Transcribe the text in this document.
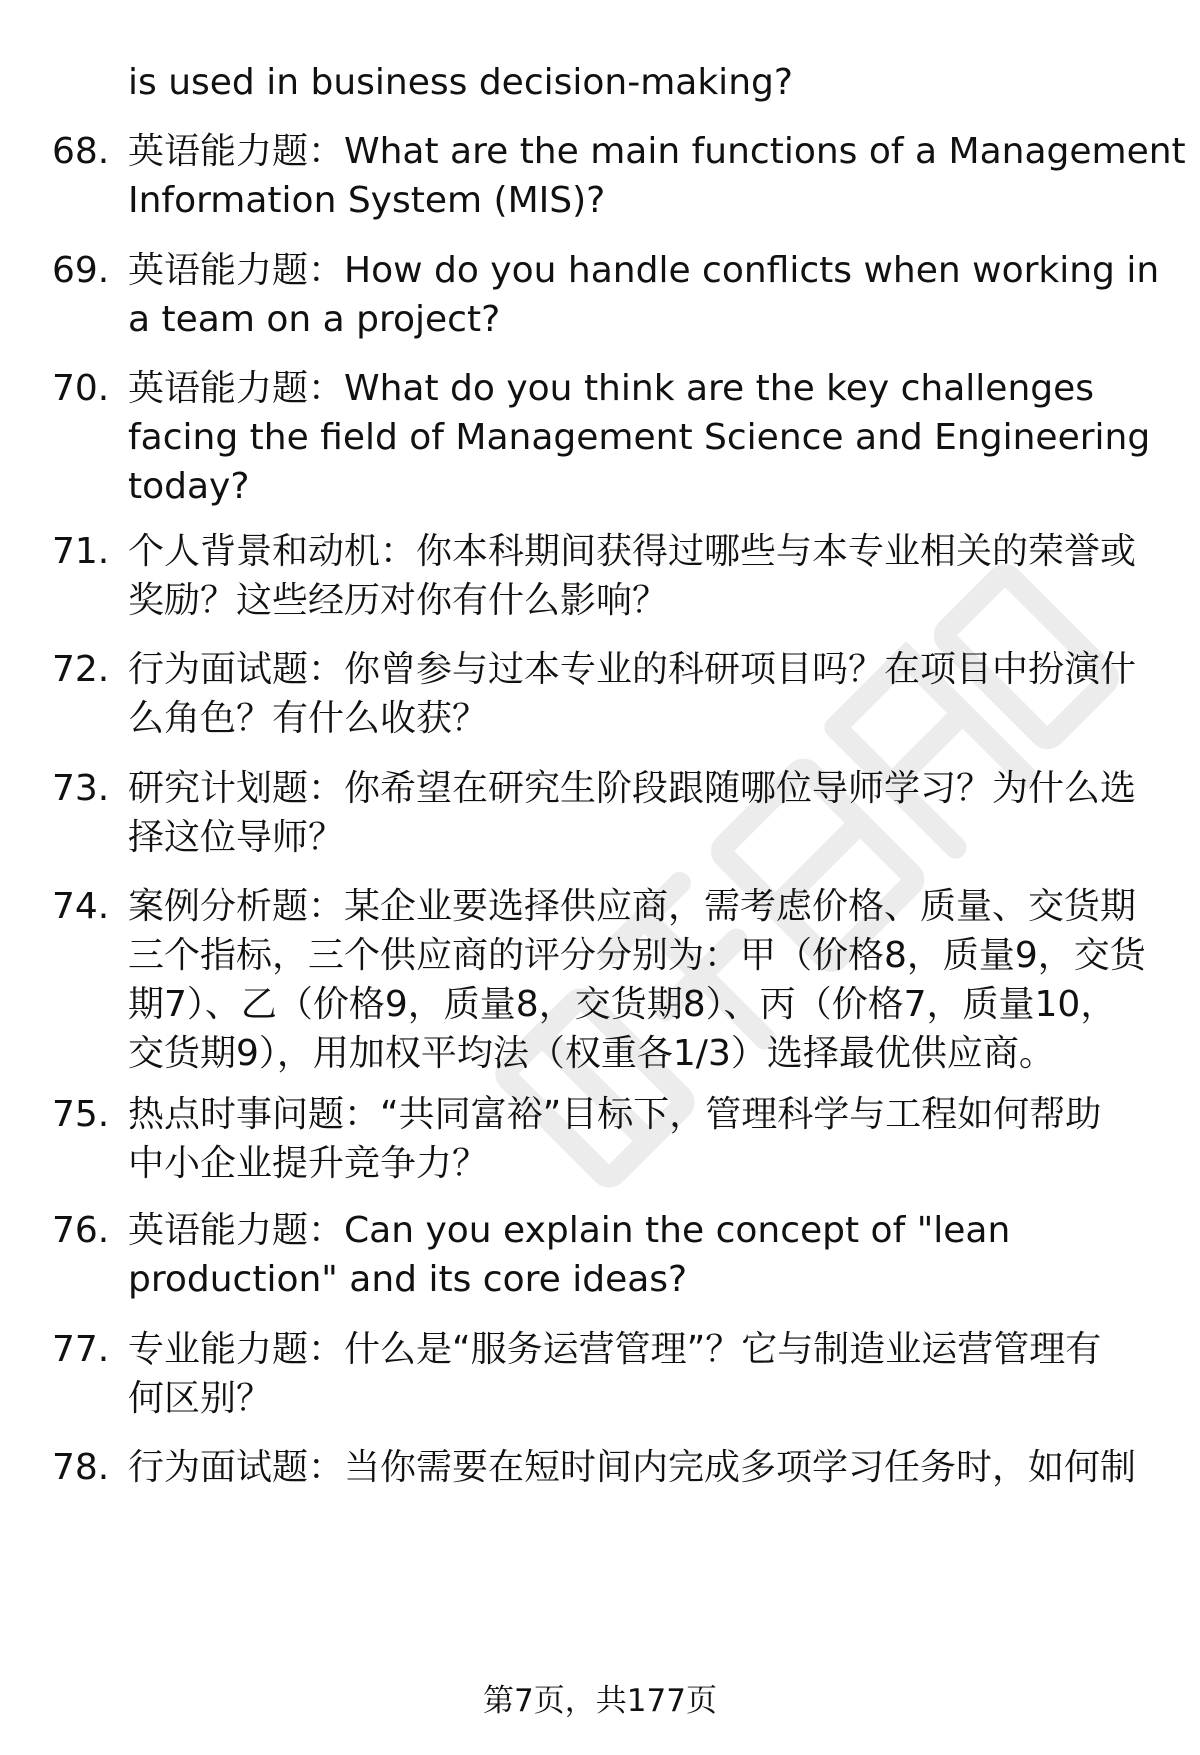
is used in business decision-making?
68. 英语能力题：What are the main functions of a Management
Information System (MIS)?
69. 英语能力题：How do you handle conflicts when working in
a team on a project?
70. 英语能力题：What do you think are the key challenges
facing the field of Management Science and Engineering
today?
71. 个人背景和动机：你本科期间获得过哪些与本专业相关的荣誉或
奖励？这些经历对你有什么影响？
72. 行为面试题：你曾参与过本专业的科研项目吗？在项目中扮演什
么角色？有什么收获？
73. 研究计划题：你希望在研究生阶段跟随哪位导师学习？为什么选
择这位导师？
74. 案例分析题：某企业要选择供应商，需考虑价格、质量、交货期
三个指标，三个供应商的评分分别为：甲（价格8，质量9，交货
期7）、乙（价格9，质量8，交货期8）、丙（价格7，质量10，
交货期9），用加权平均法（权重各1/3）选择最优供应商。
75. 热点时事问题：“共同富裕”目标下，管理科学与工程如何帮助
中小企业提升竞争力？
76. 英语能力题：Can you explain the concept of "lean
production" and its core ideas?
77. 专业能力题：什么是“服务运营管理”？它与制造业运营管理有
何区别？
78. 行为面试题：当你需要在短时间内完成多项学习任务时，如何制
第7页，共177页
